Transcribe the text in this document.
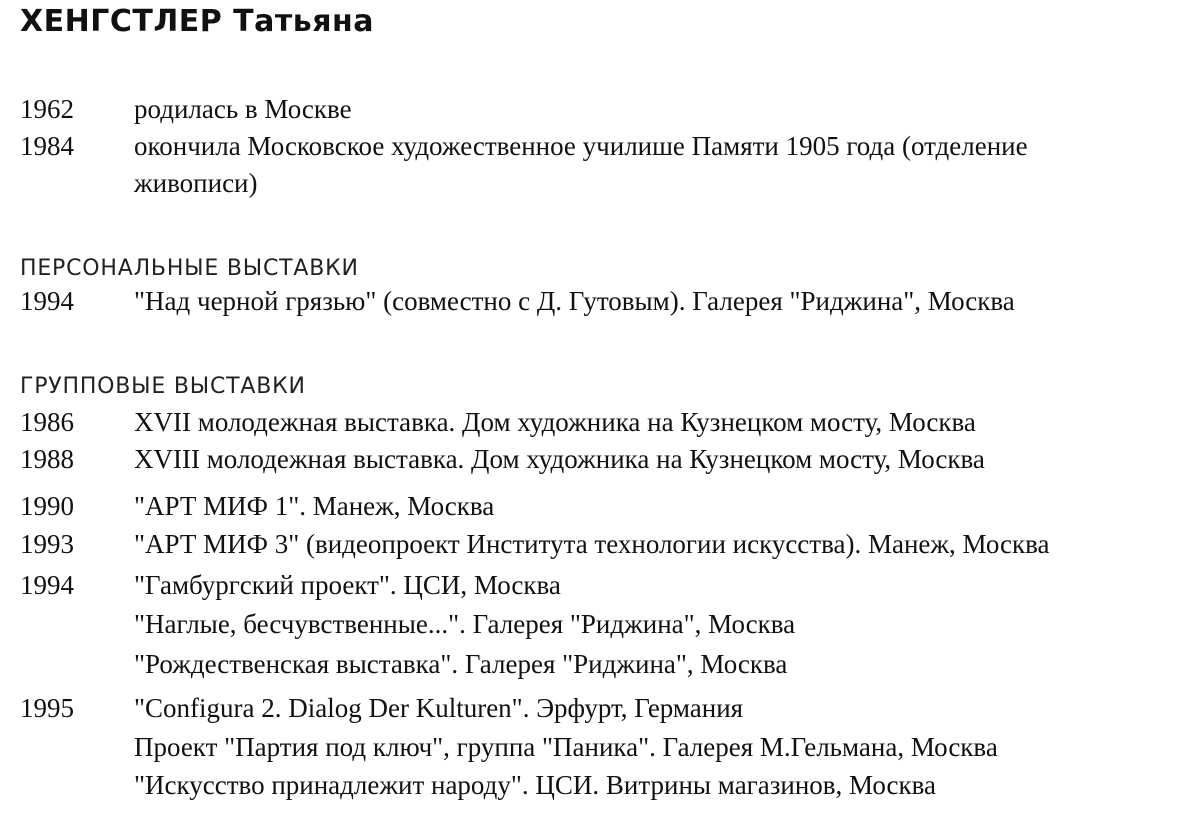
ХЕНГСТЛЕР Татьяна
1962 родилась в Москве
1984 окончила Московское художественное училише Памяти 1905 года (отделение
живописи)
ПЕРСОНАЛЬНЫЕ ВЫСТАВКИ
1994 "Над черной грязью" (совместно с Д. Гутовым). Галерея "Риджина", Москва
ГРУППОВЫЕ ВЫСТАВКИ
1986 XVII молодежная выставка. Дом художника на Кузнецком мосту, Москва
1988 XVIII молодежная выставка. Дом художника на Кузнецком мосту, Москва
1990 "АРТ МИФ 1". Манеж, Москва
1993 "АРТ МИФ 3" (видеопроект Института технологии искусства). Манеж, Москва
1994 "Гамбургский проект". ЦСИ, Москва
"Наглые, бесчувственные...". Галерея "Риджина", Москва
"Рождественская выставка". Галерея "Риджина", Москва
1995 "Configura 2. Dialog Der Kulturen". Эрфурт, Германия
Проект "Партия под ключ", группа "Паника". Галерея М.Гельмана, Москва
"Искусство принадлежит народу". ЦСИ. Витрины магазинов, Москва
